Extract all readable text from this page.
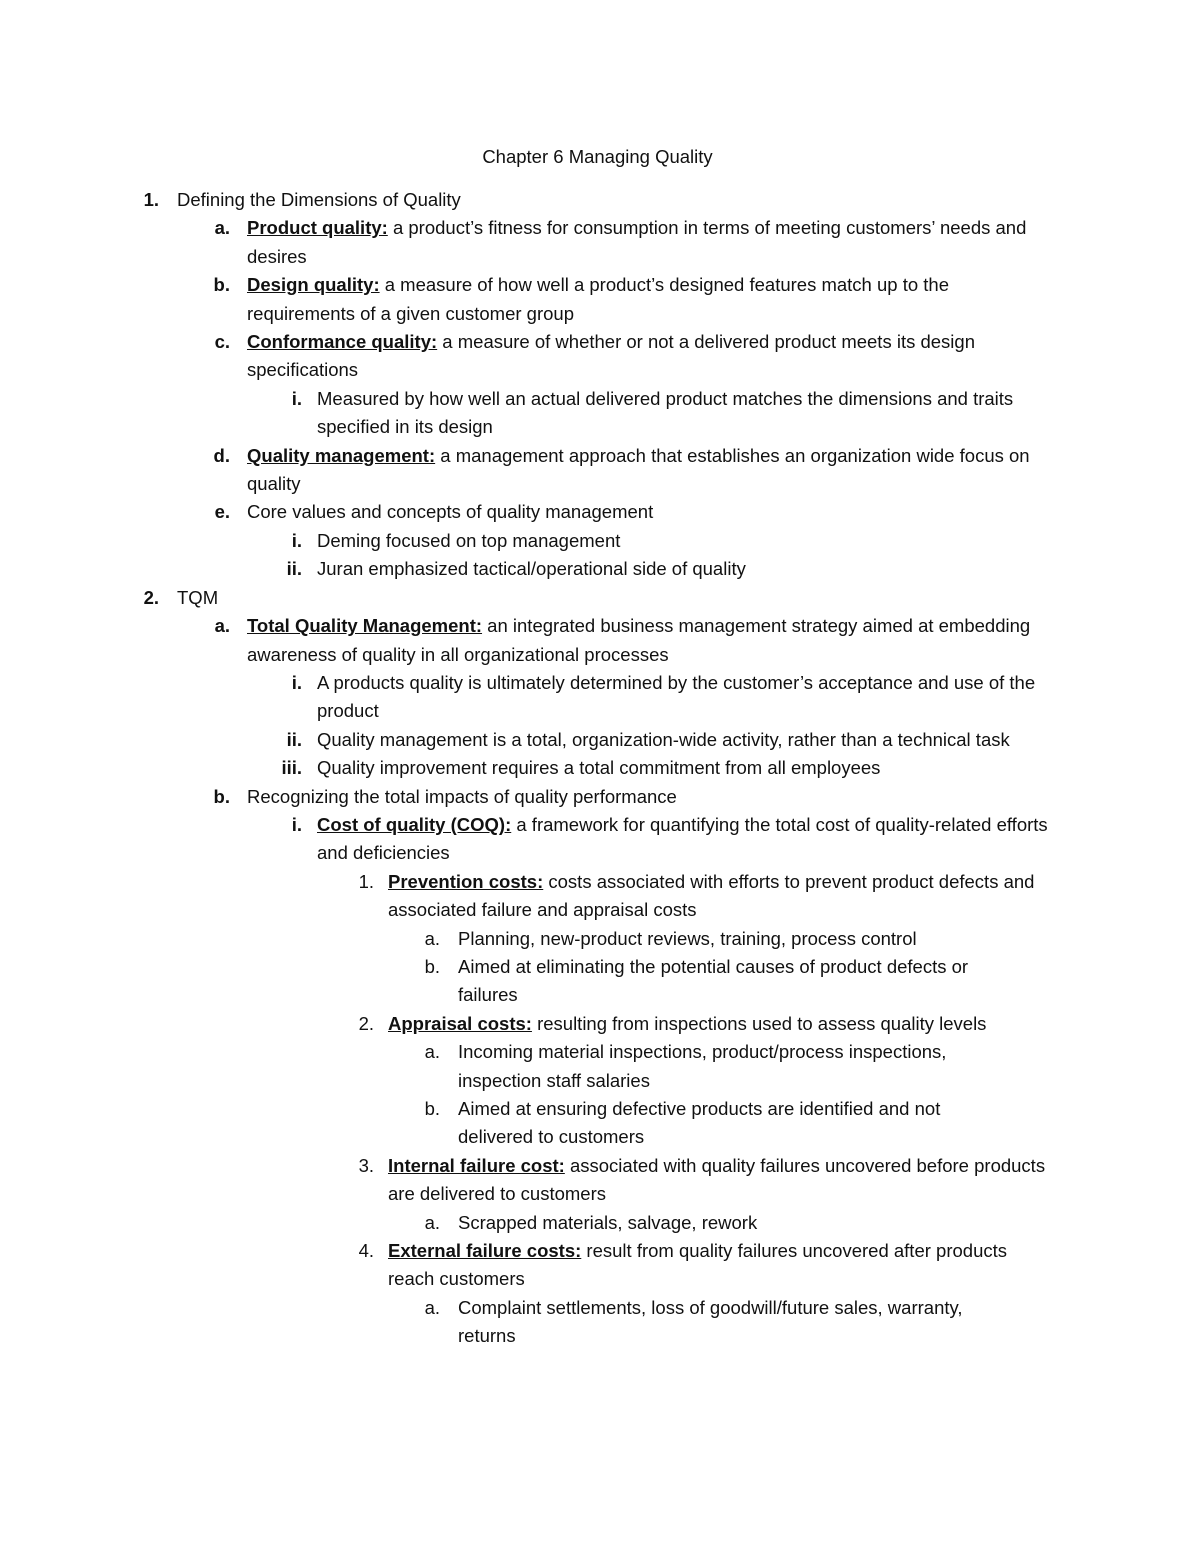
Chapter 6 Managing Quality
1. Defining the Dimensions of Quality
a. Product quality: a product’s fitness for consumption in terms of meeting customers’ needs and desires
b. Design quality: a measure of how well a product’s designed features match up to the requirements of a given customer group
c. Conformance quality: a measure of whether or not a delivered product meets its design specifications
i. Measured by how well an actual delivered product matches the dimensions and traits specified in its design
d. Quality management: a management approach that establishes an organization wide focus on quality
e. Core values and concepts of quality management
i. Deming focused on top management
ii. Juran emphasized tactical/operational side of quality
2. TQM
a. Total Quality Management: an integrated business management strategy aimed at embedding awareness of quality in all organizational processes
i. A products quality is ultimately determined by the customer’s acceptance and use of the product
ii. Quality management is a total, organization-wide activity, rather than a technical task
iii. Quality improvement requires a total commitment from all employees
b. Recognizing the total impacts of quality performance
i. Cost of quality (COQ): a framework for quantifying the total cost of quality-related efforts and deficiencies
1. Prevention costs: costs associated with efforts to prevent product defects and associated failure and appraisal costs
a. Planning, new-product reviews, training, process control
b. Aimed at eliminating the potential causes of product defects or failures
2. Appraisal costs: resulting from inspections used to assess quality levels
a. Incoming material inspections, product/process inspections, inspection staff salaries
b. Aimed at ensuring defective products are identified and not delivered to customers
3. Internal failure cost: associated with quality failures uncovered before products are delivered to customers
a. Scrapped materials, salvage, rework
4. External failure costs: result from quality failures uncovered after products reach customers
a. Complaint settlements, loss of goodwill/future sales, warranty, returns
